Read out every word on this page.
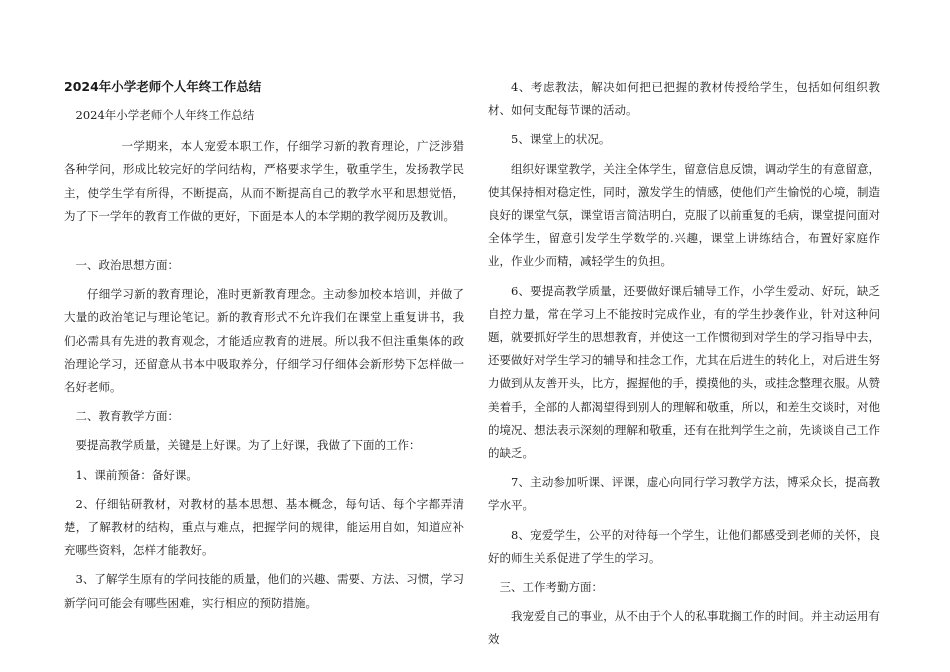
2024年小学老师个人年终工作总结

2024年小学老师个人年终工作总结

一学期来，本人宠爱本职工作，仔细学习新的教育理论，广泛涉猎各种学问，形成比较完好的学问结构，严格要求学生，敬重学生，发扬教学民主，使学生学有所得，不断提高，从而不断提高自己的教学水平和思想觉悟，为了下一学年的教育工作做的更好，下面是本人的本学期的教学阅历及教训。

一、政治思想方面：

仔细学习新的教育理论，准时更新教育理念。主动参加校本培训，并做了大量的政治笔记与理论笔记。新的教育形式不允许我们在课堂上重复讲书，我们必需具有先进的教育观念，才能适应教育的进展。所以我不但注重集体的政治理论学习，还留意从书本中吸取养分，仔细学习仔细体会新形势下怎样做一名好老师。

二、教育教学方面：

要提高教学质量，关键是上好课。为了上好课，我做了下面的工作：

1、课前预备：备好课。

2、仔细钻研教材，对教材的基本思想、基本概念，每句话、每个字都弄清楚，了解教材的结构，重点与难点，把握学问的规律，能运用自如，知道应补充哪些资料，怎样才能教好。

3、了解学生原有的学问技能的质量，他们的兴趣、需要、方法、习惯，学习新学问可能会有哪些困难，实行相应的预防措施。

4、考虑教法，解决如何把已把握的教材传授给学生，包括如何组织教材、如何支配每节课的活动。

5、课堂上的状况。

组织好课堂教学，关注全体学生，留意信息反馈，调动学生的有意留意，使其保持相对稳定性，同时，激发学生的情感，使他们产生愉悦的心境，制造良好的课堂气氛，课堂语言简洁明白，克服了以前重复的毛病，课堂提问面对全体学生，留意引发学生学数学的.兴趣，课堂上讲练结合，布置好家庭作业，作业少而精，减轻学生的负担。

6、要提高教学质量，还要做好课后辅导工作，小学生爱动、好玩，缺乏自控力量，常在学习上不能按时完成作业，有的学生抄袭作业，针对这种问题，就要抓好学生的思想教育，并使这一工作惯彻到对学生的学习指导中去，还要做好对学生学习的辅导和挂念工作，尤其在后进生的转化上，对后进生努力做到从友善开头，比方，握握他的手，摸摸他的头，或挂念整理衣服。从赞美着手，全部的人都渴望得到别人的理解和敬重，所以，和差生交谈时，对他的境况、想法表示深刻的理解和敬重，还有在批判学生之前，先谈谈自己工作的缺乏。

7、主动参加听课、评课，虚心向同行学习教学方法，博采众长，提高教学水平。

8、宠爱学生，公平的对待每一个学生，让他们都感受到老师的关怀，良好的师生关系促进了学生的学习。

三、工作考勤方面：

我宠爱自己的事业，从不由于个人的私事耽搁工作的时间。并主动运用有效
